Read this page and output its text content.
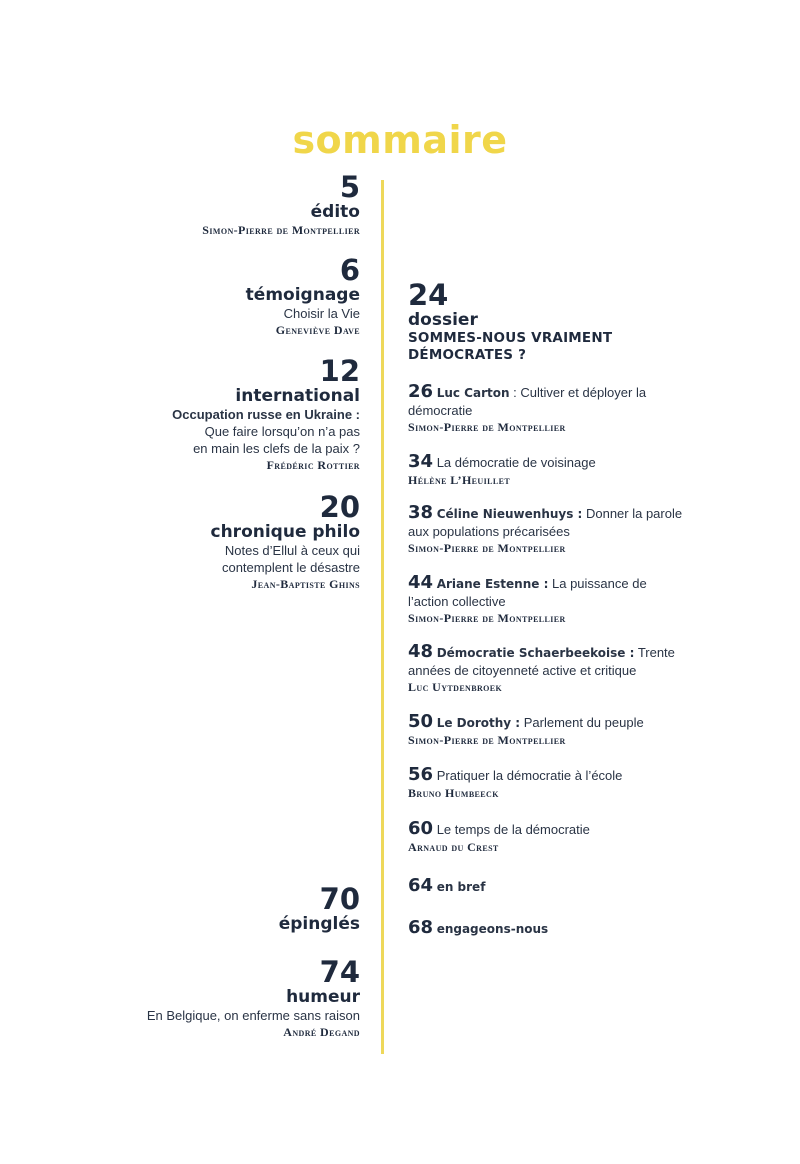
sommaire
5
édito
Simon-Pierre de Montpellier
6
témoignage
Choisir la Vie
Geneviève Dave
12
international
Occupation russe en Ukraine :
Que faire lorsqu’on n’a pas
en main les clefs de la paix ?
Frédéric Rottier
20
chronique philo
Notes d’Ellul à ceux qui
contemplent le désastre
Jean-Baptiste Ghins
70
épinglés
74
humeur
En Belgique, on enferme sans raison
André Degand
24
dossier
SOMMES-NOUS VRAIMENT
DÉMOCRATES ?
26 Luc Carton : Cultiver et déployer la
démocratie
Simon-Pierre de Montpellier
34 La démocratie de voisinage
Hélène L’Heuillet
38 Céline Nieuwenhuys : Donner la parole
aux populations précarisées
Simon-Pierre de Montpellier
44 Ariane Estenne : La puissance de
l’action collective
Simon-Pierre de Montpellier
48 Démocratie Schaerbeekoise : Trente
années de citoyenneté active et critique
Luc Uytdenbroek
50 Le Dorothy : Parlement du peuple
Simon-Pierre de Montpellier
56 Pratiquer la démocratie à l’école
Bruno Humbeeck
60 Le temps de la démocratie
Arnaud du Crest
64 en bref
68 engageons-nous
